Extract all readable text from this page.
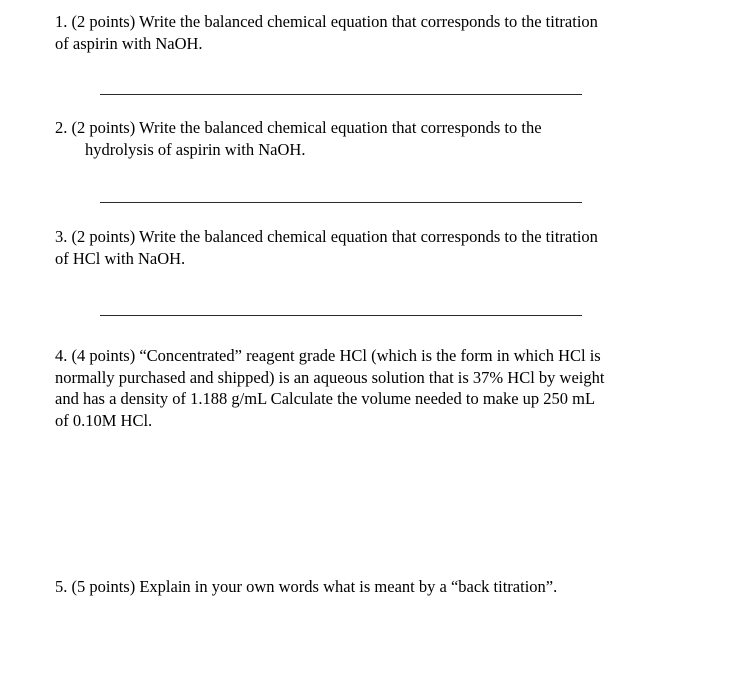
1. (2 points) Write the balanced chemical equation that corresponds to the titration
of aspirin with NaOH.
2. (2 points) Write the balanced chemical equation that corresponds to the
hydrolysis of aspirin with NaOH.
3. (2 points) Write the balanced chemical equation that corresponds to the titration
of HCl with NaOH.
4. (4 points) “Concentrated” reagent grade HCl (which is the form in which HCl is
normally purchased and shipped) is an aqueous solution that is 37% HCl by weight
and has a density of 1.188 g/mL Calculate the volume needed to make up 250 mL
of 0.10M HCl.
5. (5 points) Explain in your own words what is meant by a “back titration”.
